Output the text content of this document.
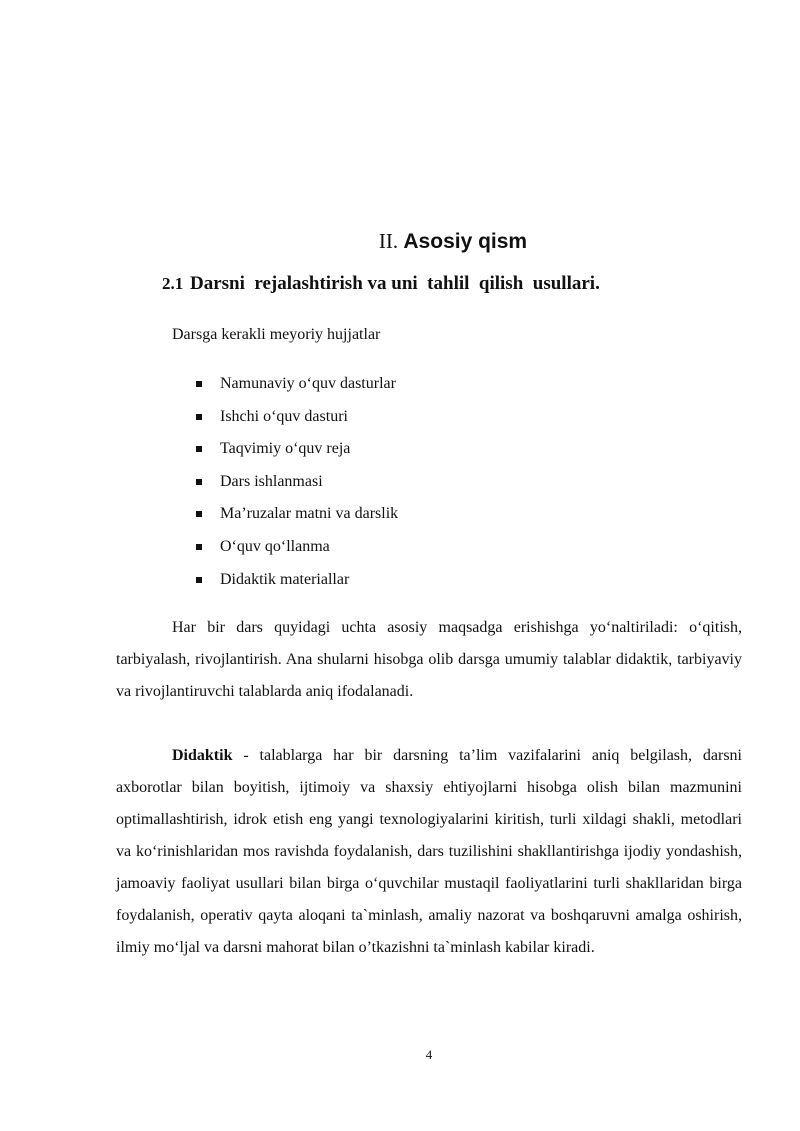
II. Asosiy qism
2.1 Darsni  rejalashtirish va uni  tahlil  qilish  usullari.
Darsga kerakli meyoriy hujjatlar
Namunaviy o‘quv dasturlar
Ishchi o‘quv dasturi
Taqvimiy o‘quv reja
Dars ishlanmasi
Ma’ruzalar matni va darslik
O‘quv qo‘llanma
Didaktik materiallar

Har bir dars quyidagi uchta asosiy maqsadga erishishga yo‘naltiriladi: o‘qitish, tarbiyalash, rivojlantirish. Ana shularni hisobga olib darsga umumiy talablar didaktik, tarbiyaviy va rivojlantiruvchi talablarda aniq ifodalanadi.

Didaktik - talablarga har bir darsning ta’lim vazifalarini aniq belgilash, darsni axborotlar bilan boyitish, ijtimoiy va shaxsiy ehtiyojlarni hisobga olish bilan mazmunini optimallashtirish, idrok etish eng yangi texnologiyalarini kiritish, turli xildagi shakli, metodlari va ko‘rinishlaridan mos ravishda foydalanish, dars tuzilishini shakllantirishga ijodiy yondashish, jamoaviy faoliyat usullari bilan birga o‘quvchilar mustaqil faoliyatlarini turli shakllaridan birga foydalanish, operativ qayta aloqani ta`minlash, amaliy nazorat va boshqaruvni amalga oshirish, ilmiy mo‘ljal va darsni mahorat bilan o’tkazishni ta`minlash kabilar kiradi.

4
